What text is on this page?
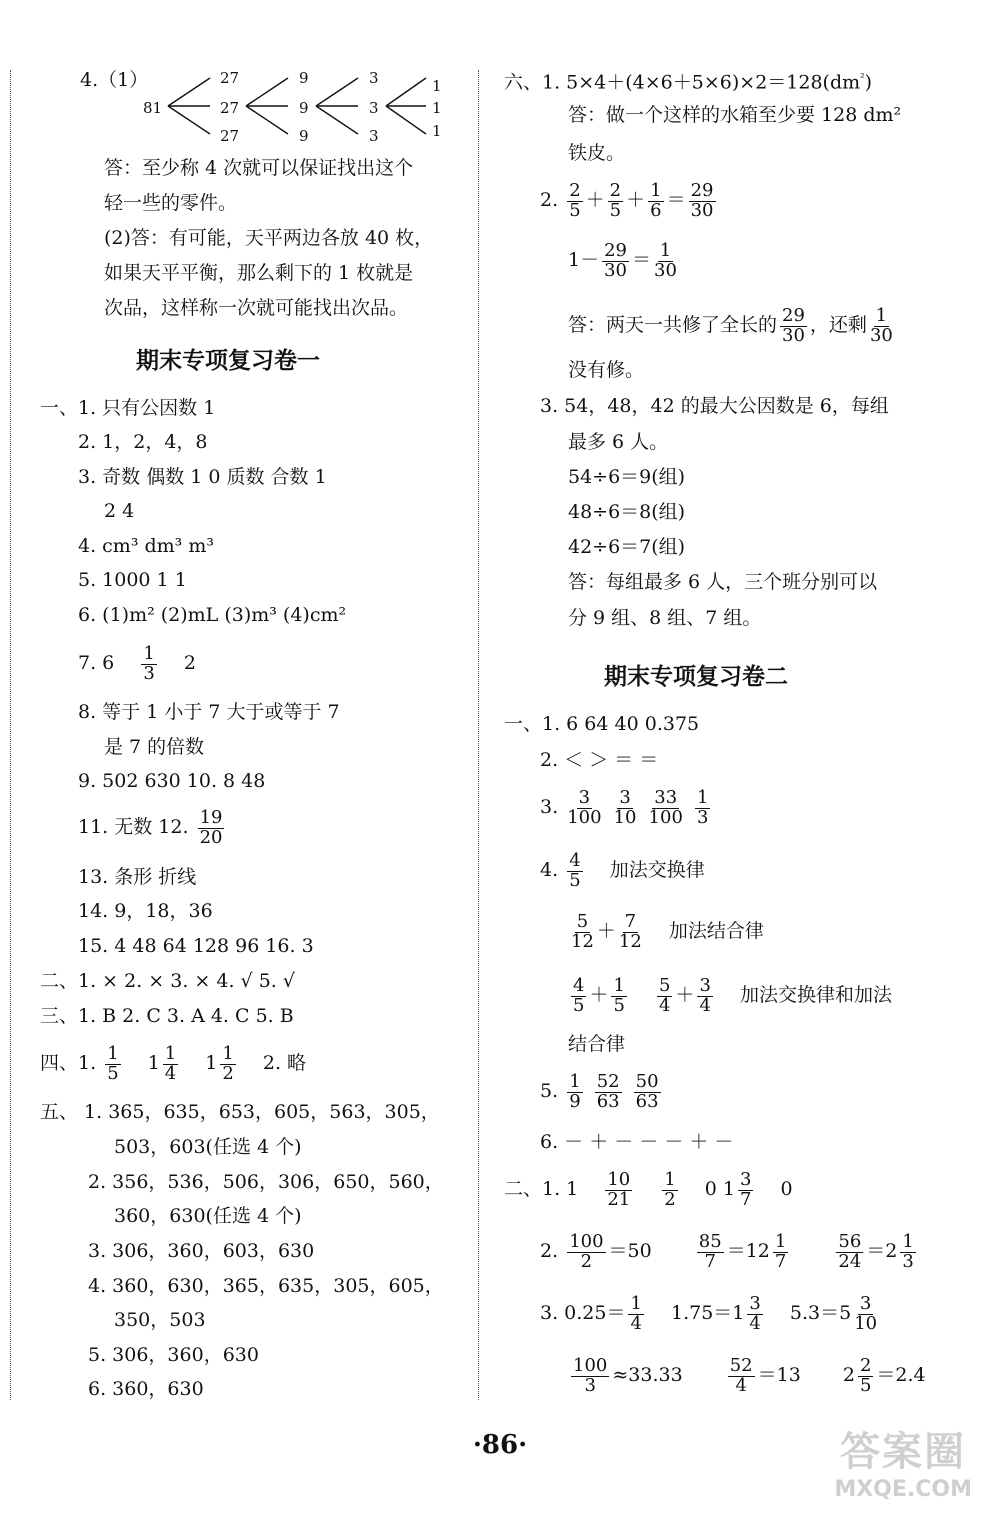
4.（1）
81
27
27
27
9
9
9
3
3
3
1
1
1
答：至少称 4 次就可以保证找出这个
轻一些的零件。
(2)答：有可能，天平两边各放 40 枚，
如果天平平衡，那么剩下的 1 枚就是
次品，这样称一次就可能找出次品。
期末专项复习卷一
一、1. 只有公因数 1
2. 1，2，4，8
3. 奇数 偶数 1 0 质数 合数 1
2 4
4. cm³ dm³ m³
5. 1000 1 1
6. (1)m² (2)mL (3)m³ (4)cm²
7. $6 \frac{1}{3} 2$
8. 等于 1 小于 7 大于或等于 7
是 7 的倍数
9. 502 630 10. 8 48
11. 无数 12. $\frac{19}{20}$
13. 条形 折线
14. 9，18，36
15. 4 48 64 128 96 16. 3
二、1. × 2. × 3. × 4. √ 5. √
三、1. B 2. C 3. A 4. C 5. B
四、1. $\frac{1}{5} 1 \frac{1}{4} 1 \frac{1}{2} 2$. 略
五、 1. 365，635，653，605，563，305，
503，603(任选 4 个)
2. 356，536，506，306，650，560，
360，630(任选 4 个)
3. 306，360，603，630
4. 360，630，365，635，305，605，
350，503
5. 306，360，630
6. 360，630
六、1. $5\times 4+(4\times 6+5\times 6)\times 2=128(dm^{^2})$
答：做一个这样的水箱至少要 128 dm²
铁皮。
2. $\frac{2}{5} + \frac{2}{5} + \frac{1}{6} = \frac{29}{30}$
$1- \frac{29}{30} = \frac{1}{30}$
答：两天一共修了全长的 $\frac{29}{30}$ ，还剩 $\frac{1}{30}$
没有修。
3. 54，48，42 的最大公因数是 6，每组
最多 6 人。
54÷6＝9(组)
48÷6＝8(组)
42÷6＝7(组)
答：每组最多 6 人，三个班分别可以
分 9 组、8 组、7 组。
期末专项复习卷二
一、1. 6 64 40 0.375
2. ＜ ＞ ＝ ＝
3. $\frac{3}{100}$
$\frac{3}{10}$
$\frac{33}{100}$
$\frac{1}{3}$
4. $\frac{4}{5}$ 加法交换律
$\frac{5}{12} + \frac{7}{12}$ 加法结合律
$\frac{4}{5} + \frac{1}{5}$
$\frac{5}{4} + \frac{3}{4}$ 加法交换律和加法
结合律
5. $\frac{1}{9}$
$\frac{52}{63}$
$\frac{50}{63}$
6. － ＋ － － － ＋ －
二、1. $1 \frac{10}{21}$
$\frac{1}{2} 0$ $1 \frac{3}{7} 0$
2. $\frac{100}{2} =50$	$\frac{85}{7} =12 \frac{1}{7}$
	$\frac{56}{24} =2 \frac{1}{3}$
3. $0.25= \frac{1}{4} 1.75=1 \frac{3}{4} 5.3=5 \frac{3}{10}$
$\frac{100}{3} \approx 33.33$	$\frac{52}{4} =13$ $2 \frac{2}{5} =2.4$
·86·	答案圈
MXQE.COM
